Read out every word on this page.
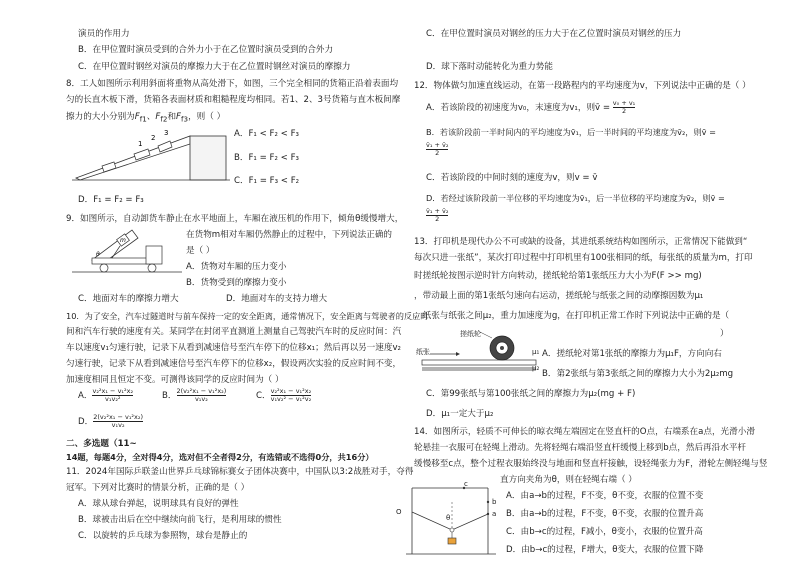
演员的作用力
B．在甲位置时演员受到的合外力小于在乙位置时演员受到的合外力
C．在甲位置时钢丝对演员的摩擦力大于在乙位置时钢丝对演员的摩擦力
8．工人如图所示利用斜面将重物从高处滑下，如图，三个完全相同的货箱正沿着表面均
匀的长直木板下滑，货箱各表面材质和粗糙程度均相同。若1、2、3号货箱与直木板间摩
擦力的大小分别为$F_{f1}$、$F_{f2}$和$F_{f3}$，则（ ）
1
2
3	A．F₁ < F₂ < F₃
B．F₁ = F₂ < F₃
C．F₁ = F₃ < F₂
D．F₁ = F₂ = F₃
9．如图所示，自动卸货车静止在水平地面上，车厢在液压机的作用下，倾角θ缓慢增大，
m
θ
在货物m相对车厢仍然静止的过程中，下列说法正确的
是（ ）
A．货物对车厢的压力变小
B．货物受到的摩擦力变小
C．地面对车的摩擦力增大	D．地面对车的支持力增大
10．为了安全，汽车过隧道时与前车保持一定的安全距离，通常情况下，安全距离与驾驶者的反应时
间和汽车行驶的速度有关。某同学在封闭平直测道上测量自己驾驶汽车时的反应时间：汽
车以速度v₁匀速行驶，记录下从看到减速信号至汽车停下的位移x₁；然后再以另一速度v₂
匀速行驶，记录下从看到减速信号至汽车停下的位移x₂，假设两次实验的反应时间不变，
加速度相同且恒定不变。可测得该同学的反应时间为（ ）
A． $\frac{\text{v₂²x₁ − v₁²x₂}}{\text{v₁v₂²}}$	B． $\frac{\text{2(v₂²x₁ − v₁²x₂)}}{\text{v₁v₂}}$	C． $\frac{\text{v₂²x₁ − v₁²x₂}}{\text{v₁v₂² − v₁²v₂}}$
D． $\frac{\text{2(v₂²x₁ − v₁²x₂)}}{\text{v₁v₂}}$
二、多选题（11~
14题，每题4分，全对得4分，选对但不全者得2分，有选错或不选得0分，共16分）
11．2024年国际乒联釜山世界乒乓球锦标赛女子团体决赛中，中国队以3:2战胜对手，夺得
冠军。下列对比赛时的情景分析，正确的是（ ）
A．球从球台弹起，说明球具有良好的弹性
B．球被击出后在空中继续向前飞行，是利用球的惯性
C．以旋转的乒乓球为参照物，球台是静止的
C．在甲位置时演员对钢丝的压力大于在乙位置时演员对钢丝的压力
D．球下落时动能转化为重力势能
12．物体做匀加速直线运动，在第一段路程内的平均速度为v，下列说法中正确的是（ ）
A．若该阶段的初速度为v₀，末速度为v₁，则v̄ = $\frac{\text{v₀ + v₁}}{2}$
B．若该阶段前一半时间内的平均速度为v̄₁，后一半时间的平均速度为v̄₂，则v̄ =
$\frac{\text{v̄₁ + v̄₂}}{2}$
C．若该阶段的中间时刻的速度为v，则v = v̄
D．若经过该阶段前一半位移的平均速度为v̄₁，后一半位移的平均速度为v̄₂，则v̄ =
$\frac{\text{v̄₁ + v̄₂}}{2}$
13．打印机是现代办公不可或缺的设备，其进纸系统结构如图所示，正常情况下能做到“
每次只进一张纸”，某次打印过程中打印机里有100张相同的纸，每张纸的质量为m，打印
时搓纸轮按图示逆时针方向转动，搓纸轮给第1张纸压力大小为F(F >> mg)
，带动最上面的第1张纸匀速向右运动，搓纸轮与纸张之间的动摩擦因数为μ₁
，纸张与纸张之间μ₂，重力加速度为g，在打印机正常工作时下列说法中正确的是（
）
搓纸轮
纸张	μ₁
μ₂
A．搓纸轮对第1张纸的摩擦力为μ₁F，方向向右
B．第2张纸与第3张纸之间的摩擦力大小为2μ₂mg
C．第99张纸与第100张纸之间的摩擦力为μ₂(mg + F)
D．μ₁一定大于μ₂
14．如图所示，轻质不可伸长的晾衣绳左端固定在竖直杆的O点，右端系在a点，光滑小滑
轮悬挂一衣服可在轻绳上滑动。先将轻绳右端沿竖直杆缓慢上移到b点，然后再沿水平杆
缓慢移至c点，整个过程衣服始终没与地面和竖直杆接触，设轻绳张力为F，滑轮左侧轻绳与竖
直方向夹角为θ，则在轻绳右端（ ）
O
c
b
a
θ
A．由a→b的过程，F不变，θ不变，衣服的位置不变
B．由a→b的过程，F不变，θ不变，衣服的位置升高
C．由b→c的过程，F减小，θ变小，衣服的位置升高
D．由b→c的过程，F增大，θ变大，衣服的位置下降
